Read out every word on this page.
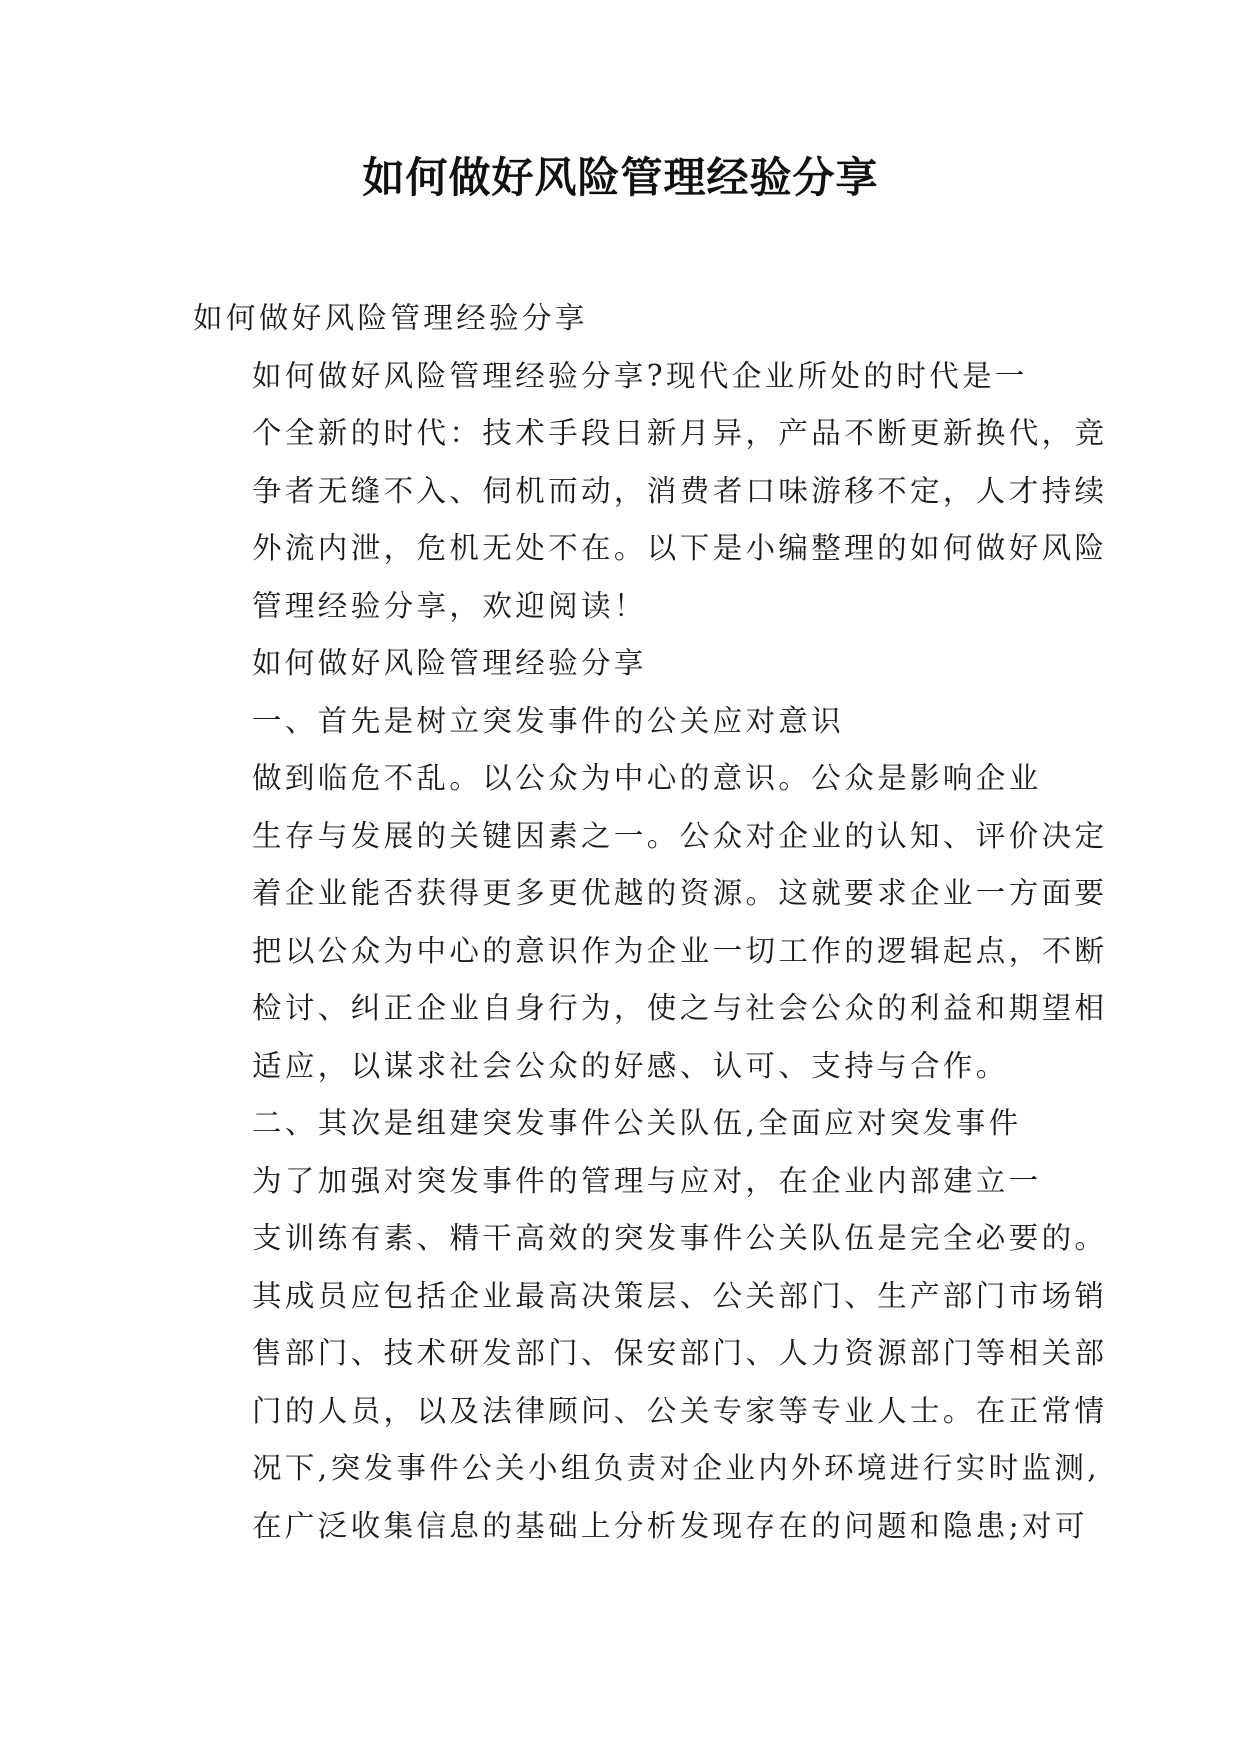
如何做好风险管理经验分享

如何做好风险管理经验分享

如何做好风险管理经验分享?现代企业所处的时代是一
个全新的时代：技术手段日新月异，产品不断更新换代，竞
争者无缝不入、伺机而动，消费者口味游移不定，人才持续
外流内泄，危机无处不在。以下是小编整理的如何做好风险
管理经验分享，欢迎阅读！

如何做好风险管理经验分享

一、首先是树立突发事件的公关应对意识

做到临危不乱。以公众为中心的意识。公众是影响企业
生存与发展的关键因素之一。公众对企业的认知、评价决定
着企业能否获得更多更优越的资源。这就要求企业一方面要
把以公众为中心的意识作为企业一切工作的逻辑起点，不断
检讨、纠正企业自身行为，使之与社会公众的利益和期望相
适应，以谋求社会公众的好感、认可、支持与合作。

二、其次是组建突发事件公关队伍,全面应对突发事件

为了加强对突发事件的管理与应对，在企业内部建立一
支训练有素、精干高效的突发事件公关队伍是完全必要的。
其成员应包括企业最高决策层、公关部门、生产部门市场销
售部门、技术研发部门、保安部门、人力资源部门等相关部
门的人员，以及法律顾问、公关专家等专业人士。在正常情
况下,突发事件公关小组负责对企业内外环境进行实时监测,
在广泛收集信息的基础上分析发现存在的问题和隐患;对可
